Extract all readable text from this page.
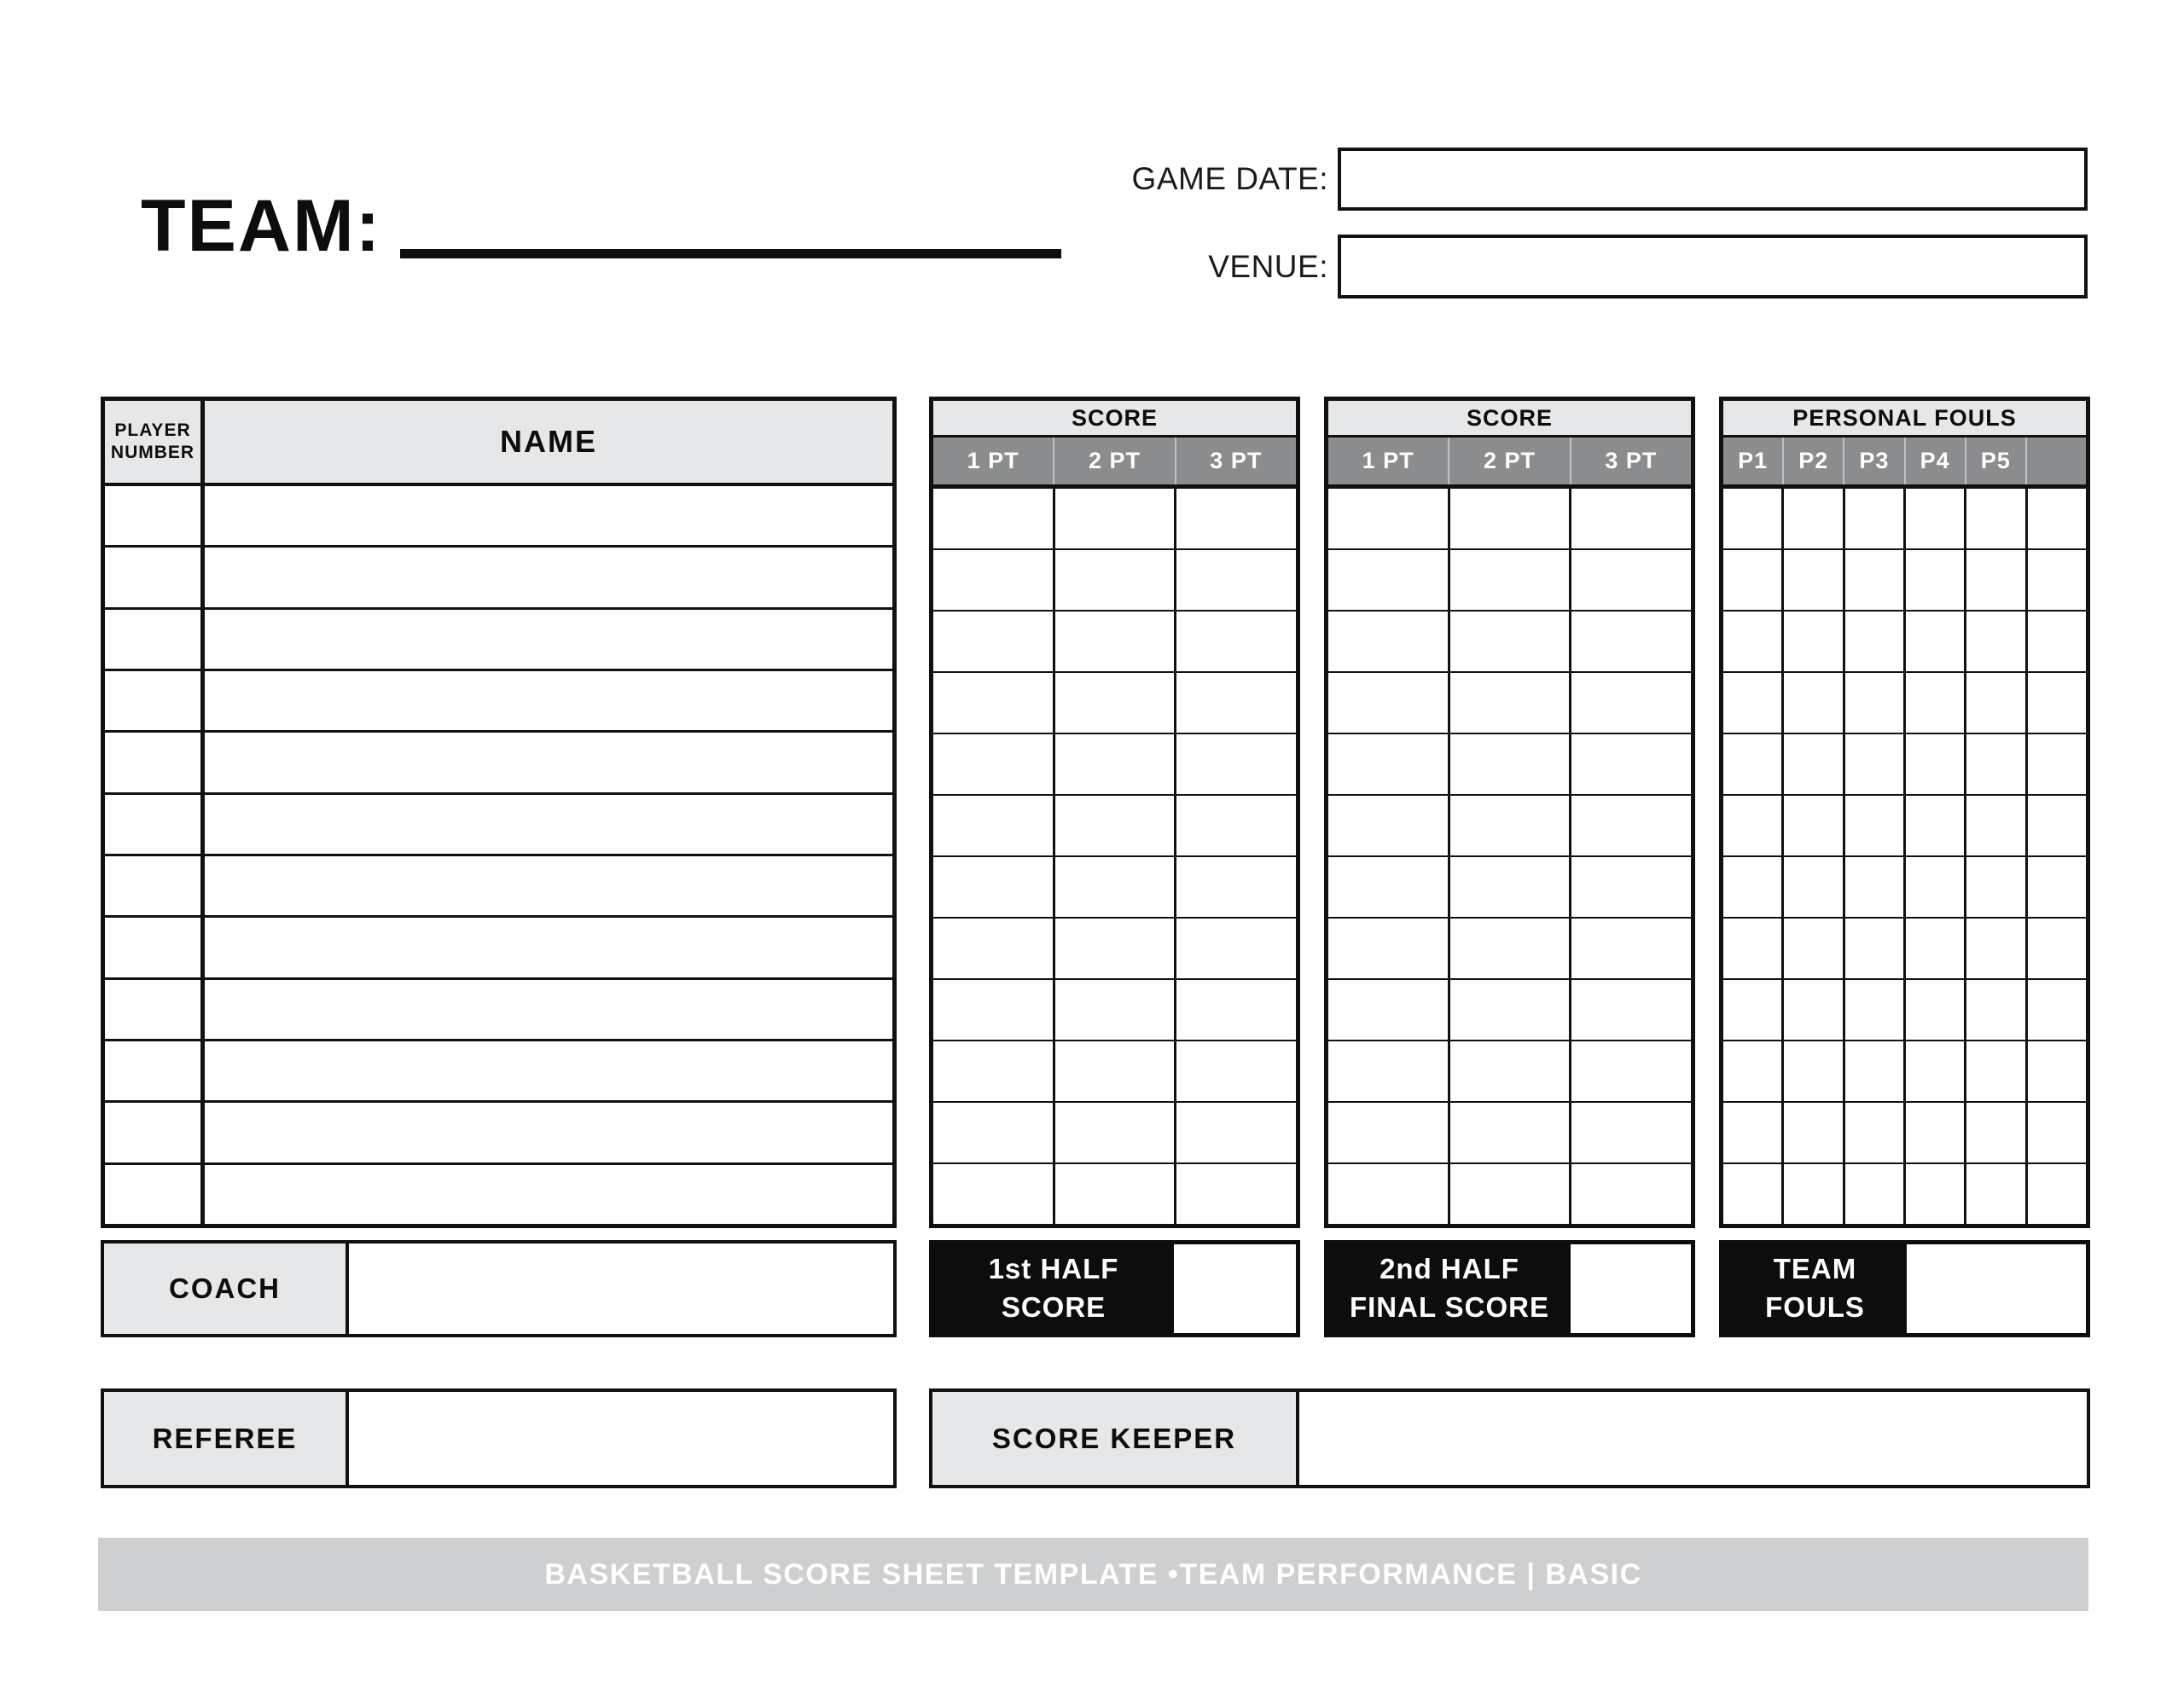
TEAM:
GAME DATE:
VENUE:
PLAYER NUMBER	NAME
SCORE
1 PT	2 PT	3 PT
SCORE
1 PT	2 PT	3 PT
PERSONAL FOULS
P1	P2	P3	P4	P5
COACH
1st HALF
SCORE
2nd HALF
FINAL SCORE
TEAM
FOULS
REFEREE	SCORE KEEPER
BASKETBALL SCORE SHEET TEMPLATE •TEAM PERFORMANCE | BASIC
